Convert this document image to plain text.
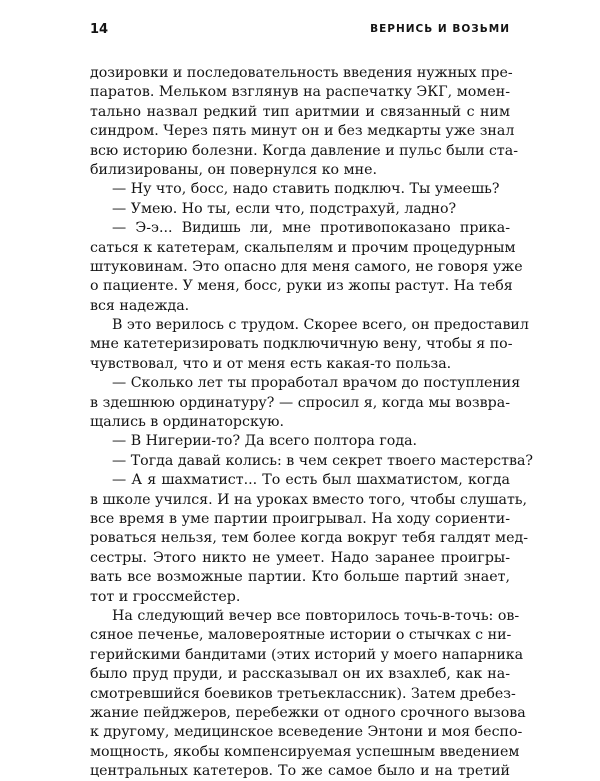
14	ВЕРНИСЬ И ВОЗЬМИ
дозировки и последовательность введения нужных пре-
паратов. Мельком взглянув на распечатку ЭКГ, момен-
тально назвал редкий тип аритмии и связанный с ним
синдром. Через пять минут он и без медкарты уже знал
всю историю болезни. Когда давление и пульс были ста-
билизированы, он повернулся ко мне.
— Ну что, босс, надо ставить подключ. Ты умеешь?
— Умею. Но ты, если что, подстрахуй, ладно?
— Э-э... Видишь ли, мне противопоказано прика-
саться к катетерам, скальпелям и прочим процедурным
штуковинам. Это опасно для меня самого, не говоря уже
о пациенте. У меня, босс, руки из жопы растут. На тебя
вся надежда.
В это верилось с трудом. Скорее всего, он предоставил
мне катетеризировать подключичную вену, чтобы я по-
чувствовал, что и от меня есть какая-то польза.
— Сколько лет ты проработал врачом до поступления
в здешнюю ординатуру? — спросил я, когда мы возвра-
щались в ординаторскую.
— В Нигерии-то? Да всего полтора года.
— Тогда давай колись: в чем секрет твоего мастерства?
— А я шахматист... То есть был шахматистом, когда
в школе учился. И на уроках вместо того, чтобы слушать,
все время в уме партии проигрывал. На ходу сориенти-
роваться нельзя, тем более когда вокруг тебя галдят мед-
сестры. Этого никто не умеет. Надо заранее проигры-
вать все возможные партии. Кто больше партий знает,
тот и гроссмейстер.
На следующий вечер все повторилось точь-в-точь: ов-
сяное печенье, маловероятные истории о стычках с ни-
герийскими бандитами (этих историй у моего напарника
было пруд пруди, и рассказывал он их взахлеб, как на-
смотревшийся боевиков третьеклассник). Затем дребез-
жание пейджеров, перебежки от одного срочного вызова
к другому, медицинское всеведение Энтони и моя беспо-
мощность, якобы компенсируемая успешным введением
центральных катетеров. То же самое было и на третий
